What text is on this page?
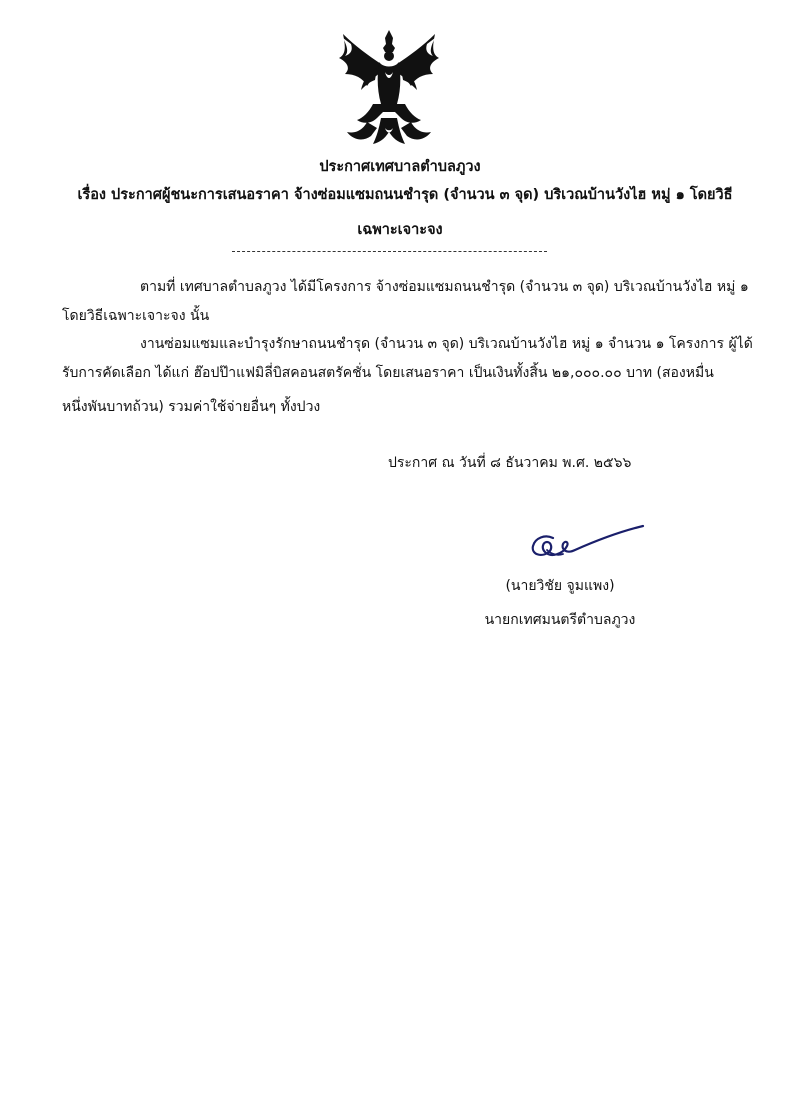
ประกาศเทศบาลตำบลภูวง
เรื่อง ประกาศผู้ชนะการเสนอราคา จ้างซ่อมแซมถนนชำรุด (จำนวน ๓ จุด) บริเวณบ้านวังไฮ หมู่ ๑ โดยวิธี
เฉพาะเจาะจง
ตามที่ เทศบาลตำบลภูวง ได้มีโครงการ จ้างซ่อมแซมถนนชำรุด (จำนวน ๓ จุด) บริเวณบ้านวังไฮ หมู่ ๑
โดยวิธีเฉพาะเจาะจง นั้น
งานซ่อมแซมและบำรุงรักษาถนนชำรุด (จำนวน ๓ จุด) บริเวณบ้านวังไฮ หมู่ ๑ จำนวน ๑ โครงการ ผู้ได้
รับการคัดเลือก ได้แก่ ฮ๊อปป๊าแฟมิลี่บิสคอนสตรัคชั่น โดยเสนอราคา เป็นเงินทั้งสิ้น ๒๑,๐๐๐.๐๐ บาท (สองหมื่น
หนึ่งพันบาทถ้วน) รวมค่าใช้จ่ายอื่นๆ ทั้งปวง
ประกาศ ณ วันที่ ๘ ธันวาคม พ.ศ. ๒๕๖๖
(นายวิชัย จูมแพง)
นายกเทศมนตรีตำบลภูวง
